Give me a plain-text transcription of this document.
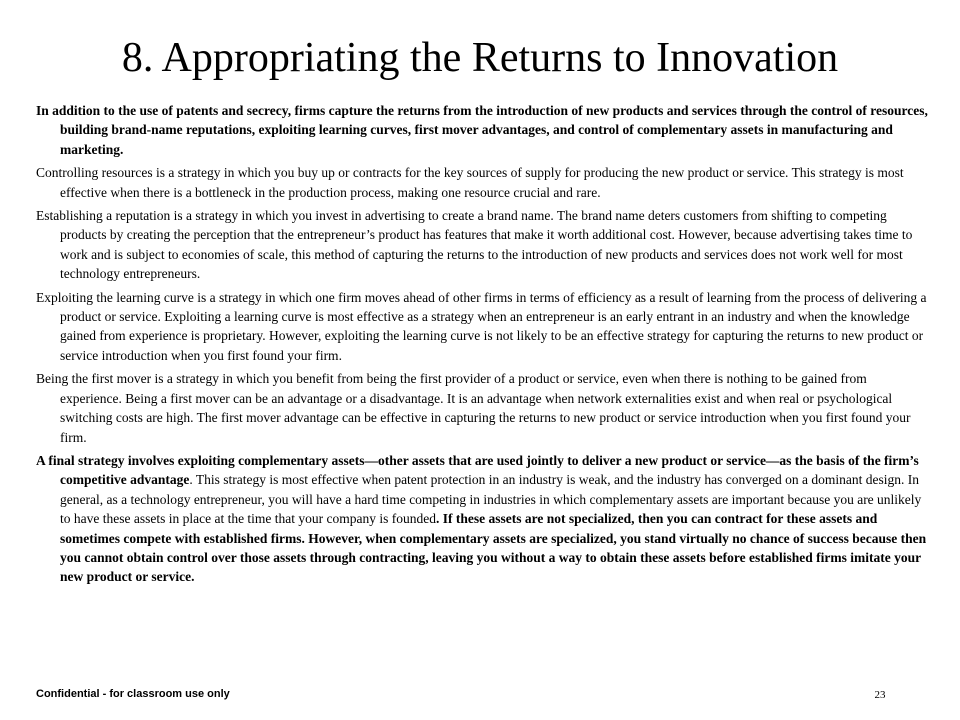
8. Appropriating the Returns to Innovation

In addition to the use of patents and secrecy, firms capture the returns from the introduction of new products and services through the control of resources, building brand-name reputations, exploiting learning curves, first mover advantages, and control of complementary assets in manufacturing and marketing.

Controlling resources is a strategy in which you buy up or contracts for the key sources of supply for producing the new product or service. This strategy is most effective when there is a bottleneck in the production process, making one resource crucial and rare.

Establishing a reputation is a strategy in which you invest in advertising to create a brand name. The brand name deters customers from shifting to competing products by creating the perception that the entrepreneur’s product has features that make it worth additional cost. However, because advertising takes time to work and is subject to economies of scale, this method of capturing the returns to the introduction of new products and services does not work well for most technology entrepreneurs.

Exploiting the learning curve is a strategy in which one firm moves ahead of other firms in terms of efficiency as a result of learning from the process of delivering a product or service. Exploiting a learning curve is most effective as a strategy when an entrepreneur is an early entrant in an industry and when the knowledge gained from experience is proprietary. However, exploiting the learning curve is not likely to be an effective strategy for capturing the returns to new product or service introduction when you first found your firm.

Being the first mover is a strategy in which you benefit from being the first provider of a product or service, even when there is nothing to be gained from experience. Being a first mover can be an advantage or a disadvantage. It is an advantage when network externalities exist and when real or psychological switching costs are high. The first mover advantage can be effective in capturing the returns to new product or service introduction when you first found your firm.

A final strategy involves exploiting complementary assets—other assets that are used jointly to deliver a new product or service—as the basis of the firm’s competitive advantage. This strategy is most effective when patent protection in an industry is weak, and the industry has converged on a dominant design. In general, as a technology entrepreneur, you will have a hard time competing in industries in which complementary assets are important because you are unlikely to have these assets in place at the time that your company is founded. If these assets are not specialized, then you can contract for these assets and sometimes compete with established firms. However, when complementary assets are specialized, you stand virtually no chance of success because then you cannot obtain control over those assets through contracting, leaving you without a way to obtain these assets before established firms imitate your new product or service.

Confidential - for classroom use only	23
